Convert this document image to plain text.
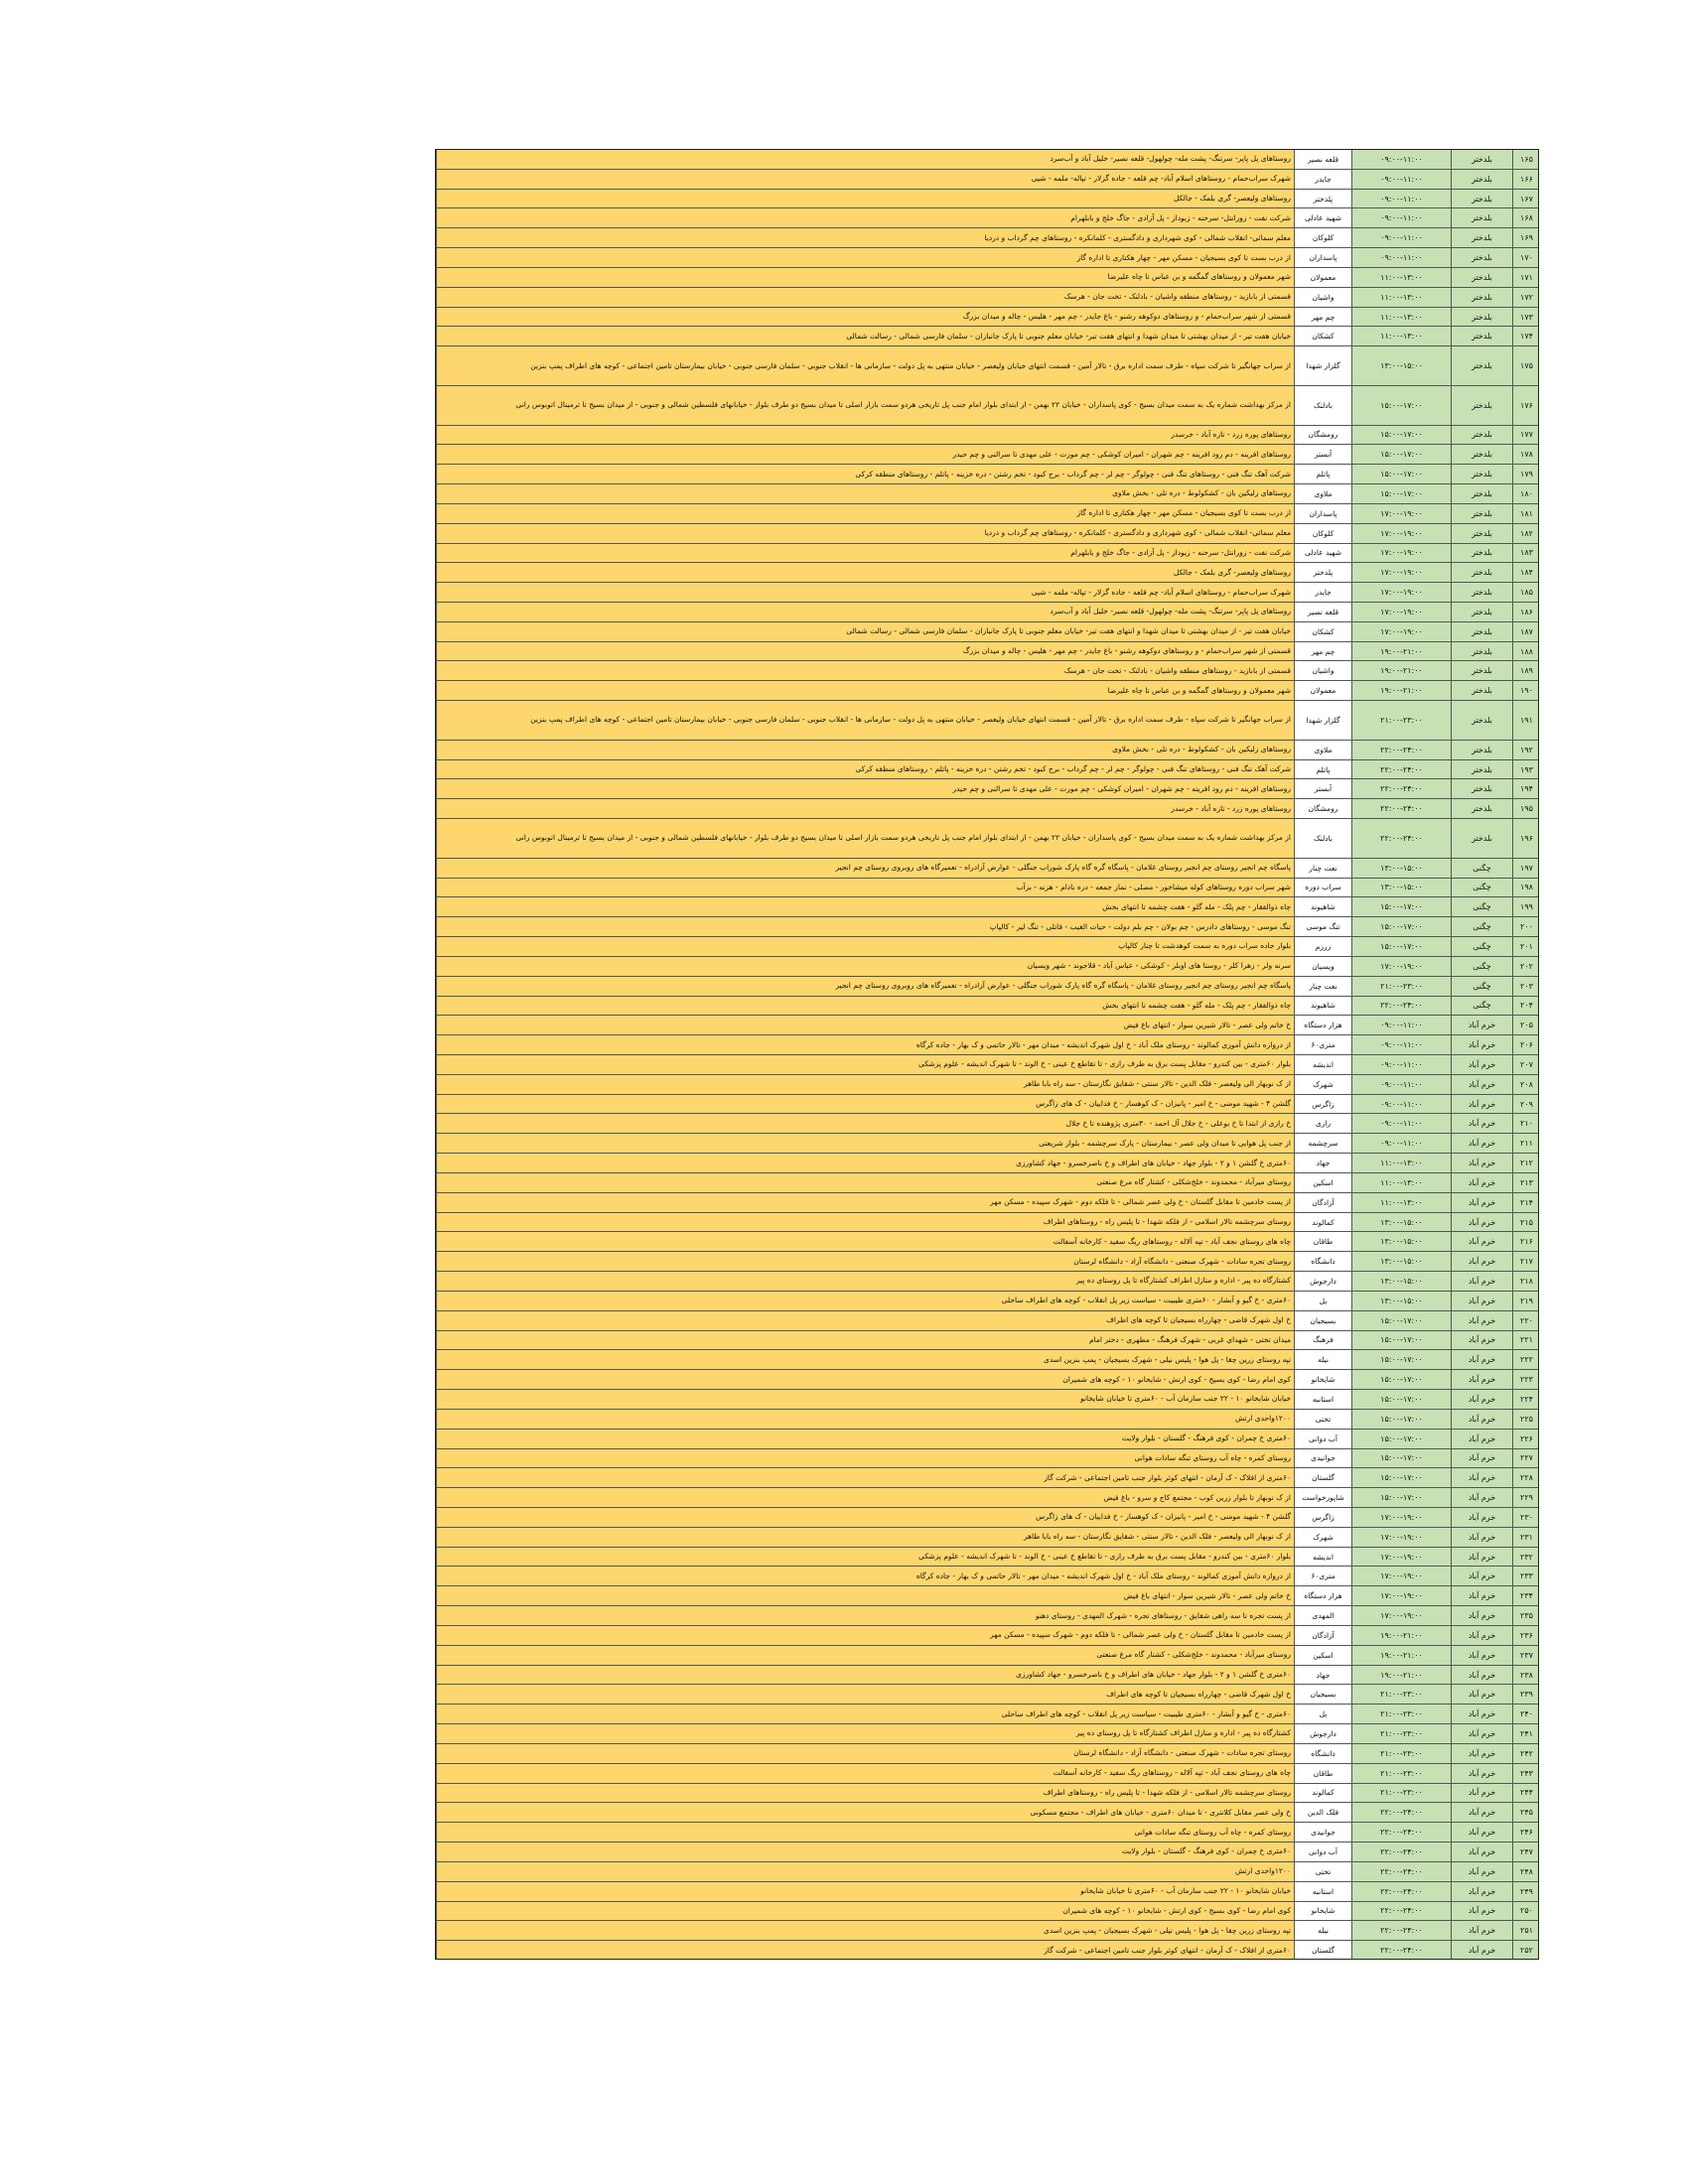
۱۶۵
بلدختر
۰۹:۰۰-۱۱:۰۰
قلعه نصیر
روستاهای پل پاپر- سرتنگ- پشت مله- چولهول- قلعه نصیر- خلیل آباد و آب‌سرد
۱۶۶
بلدختر
۰۹:۰۰-۱۱:۰۰
جایدر
شهرک سراب‌حمام - روستاهای اسلام آباد- چم قلعه - جاده گزلار - تپاله- ملمه - شیی
۱۶۷
بلدختر
۰۹:۰۰-۱۱:۰۰
پلدختر
روستاهای ولیعصر- گری بلمک - جالکل
۱۶۸
بلدختر
۰۹:۰۰-۱۱:۰۰
شهید عادلی
شرکت نفت - زورانتل- سرحنه - زیوداز - پل آزادی - جاگ خلج و بابلهرام
۱۶۹
بلدختر
۰۹:۰۰-۱۱:۰۰
کلوکان
معلم سمائی- انقلاب شمالی - کوی شهرداری و دادگستری - کلمانکره - روستاهای چم گرداب و دردیا
۱۷۰
بلدختر
۰۹:۰۰-۱۱:۰۰
پاسداران
از درب بست تا کوی بسیجیان - مسکن مهر - چهار هکتاری تا اداره گاز
۱۷۱
بلدختر
۱۱:۰۰-۱۳:۰۰
معمولان
شهر معمولان و روستاهای گمگمه و بن عباس تا چاه علیرضا
۱۷۲
بلدختر
۱۱:۰۰-۱۳:۰۰
واشیان
قسمتی از بابازید - روستاهای منطقه واشیان - بادلنک - تخت جان - هرسک
۱۷۳
بلدختر
۱۱:۰۰-۱۳:۰۰
چم مهر
قسمتی از شهر سراب‌حمام - و روستاهای دوکوهه رشنو - باغ جایدر - چم مهر - هلیس - چاله و میدان بزرگ
۱۷۴
بلدختر
۱۱:۰۰-۱۳:۰۰
کشکان
خیابان هفت تیر - از میدان بهشتی تا میدان شهدا و انتهای هفت تیر- خیابان معلم جنوبی تا پارک جانبازان - سلمان فارسی شمالی - رسالت شمالی
۱۷۵
بلدختر
۱۳:۰۰-۱۵:۰۰
گلزار شهدا
از سراب جهانگیر تا شرکت سپاه - طرف سمت اداره برق - تالار آمین - قسمت انتهای خیابان ولیعصر - خیابان منتهی به پل دولت - سازمانی ها - انقلاب جنوبی - سلمان فارسی جنوبی - خیابان بیمارستان تامین اجتماعی - کوچه های اطراف پمپ بنزین
۱۷۶
بلدختر
۱۵:۰۰-۱۷:۰۰
بادلنک
از مرکز بهداشت شماره یک به سمت میدان بسیج - کوی پاسداران - خیابان ۲۲ بهمن - از ابتدای بلوار امام جنب پل تاریخی هردو سمت بازار اصلی تا میدان بسیج دو طرف بلوار - خیابانهای فلسطین شمالی و جنوبی - از میدان بسیج تا ترمینال اتوبوس رانی
۱۷۷
بلدختر
۱۵:۰۰-۱۷:۰۰
رومشگان
روستاهای پوره زرد - تازه آباد - خرسدر
۱۷۸
بلدختر
۱۵:۰۰-۱۷:۰۰
آبستر
روستاهای افرینه - دم رود افرینه - چم شهران - امیران کوشکی - چم مورت - علی مهدی تا سرالنی و چم حیدر
۱۷۹
بلدختر
۱۵:۰۰-۱۷:۰۰
پاتلم
شرکت آهک تنگ فنی - روستاهای تنگ فنی - چولوگر - چم لر - چم گرداب - برج کبود - تخم رشتن - دره خزینه - پاتلم - روستاهای منطقه کرکی
۱۸۰
بلدختر
۱۵:۰۰-۱۷:۰۰
ملاوی
روستاهای زلیکین بان - کشکولوط - دره تلی - بخش ملاوی
۱۸۱
بلدختر
۱۷:۰۰-۱۹:۰۰
پاسداران
از درب بست تا کوی بسیجیان - مسکن مهر - چهار هکتاری تا اداره گاز
۱۸۲
بلدختر
۱۷:۰۰-۱۹:۰۰
کلوکان
معلم سمائی- انقلاب شمالی - کوی شهرداری و دادگستری - کلمانکره - روستاهای چم گرداب و دردیا
۱۸۳
بلدختر
۱۷:۰۰-۱۹:۰۰
شهید عادلی
شرکت نفت - زورانتل- سرحنه - زیوداز - پل آزادی - جاگ خلج و بابلهرام
۱۸۴
بلدختر
۱۷:۰۰-۱۹:۰۰
پلدختر
روستاهای ولیعصر- گری بلمک - جالکل
۱۸۵
بلدختر
۱۷:۰۰-۱۹:۰۰
جایدر
شهرک سراب‌حمام - روستاهای اسلام آباد- چم قلعه - جاده گزلار - تپاله- ملمه - شیی
۱۸۶
بلدختر
۱۷:۰۰-۱۹:۰۰
قلعه نصیر
روستاهای پل پاپر- سرتنگ- پشت مله- چولهول- قلعه نصیر- خلیل آباد و آب‌سرد
۱۸۷
بلدختر
۱۷:۰۰-۱۹:۰۰
کشکان
خیابان هفت تیر - از میدان بهشتی تا میدان شهدا و انتهای هفت تیر- خیابان معلم جنوبی تا پارک جانبازان - سلمان فارسی شمالی - رسالت شمالی
۱۸۸
بلدختر
۱۹:۰۰-۲۱:۰۰
چم مهر
قسمتی از شهر سراب‌حمام - و روستاهای دوکوهه رشنو - باغ جایدر - چم مهر - هلیس - چاله و میدان بزرگ
۱۸۹
بلدختر
۱۹:۰۰-۲۱:۰۰
واشیان
قسمتی از بابازید - روستاهای منطقه واشیان - بادلنک - تخت جان - هرسک
۱۹۰
بلدختر
۱۹:۰۰-۲۱:۰۰
معمولان
شهر معمولان و روستاهای گمگمه و بن عباس تا چاه علیرضا
۱۹۱
بلدختر
۲۱:۰۰-۲۳:۰۰
گلزار شهدا
از سراب جهانگیر تا شرکت سپاه - طرف سمت اداره برق - تالار آمین - قسمت انتهای خیابان ولیعصر - خیابان منتهی به پل دولت - سازمانی ها - انقلاب جنوبی - سلمان فارسی جنوبی - خیابان بیمارستان تامین اجتماعی - کوچه های اطراف پمپ بنزین
۱۹۲
بلدختر
۲۲:۰۰-۲۴:۰۰
ملاوی
روستاهای زلیکین بان - کشکولوط - دره تلی - بخش ملاوی
۱۹۳
بلدختر
۲۲:۰۰-۲۴:۰۰
پاتلم
شرکت آهک تنگ فنی - روستاهای تنگ فنی - چولوگر - چم لر - چم گرداب - برج کبود - تخم رشتن - دره خزینه - پاتلم - روستاهای منطقه کرکی
۱۹۴
بلدختر
۲۲:۰۰-۲۴:۰۰
آبستر
روستاهای افرینه - دم رود افرینه - چم شهران - امیران کوشکی - چم مورت - علی مهدی تا سرالنی و چم حیدر
۱۹۵
بلدختر
۲۲:۰۰-۲۴:۰۰
رومشگان
روستاهای پوره زرد - تازه آباد - خرسدر
۱۹۶
بلدختر
۲۲:۰۰-۲۴:۰۰
بادلنک
از مرکز بهداشت شماره یک به سمت میدان بسیج - کوی پاسداران - خیابان ۲۲ بهمن - از ابتدای بلوار امام جنب پل تاریخی هردو سمت بازار اصلی تا میدان بسیج دو طرف بلوار - خیابانهای فلسطین شمالی و جنوبی - از میدان بسیج تا ترمینال اتوبوس رانی
۱۹۷
چگنی
۱۳:۰۰-۱۵:۰۰
نعت چنار
پاسگاه چم انجیر روستای چم انجیر روستای غلامان - پاسگاه گره گاه پارک شوراب جنگلی - عوارض آزادراه - تعمیرگاه های روبروی روستای چم انجیر
۱۹۸
چگنی
۱۳:۰۰-۱۵:۰۰
سراب دوره
شهر سراب دوره روستاهای کوله میشاخور - مصلی - نماز جمعه - دره بادام - هزنه - بزآب
۱۹۹
چگنی
۱۵:۰۰-۱۷:۰۰
شاهیوند
چاه ذوالفقار - چم پلک - مله گلو - هفت چشمه تا انتهای بخش
۲۰۰
چگنی
۱۵:۰۰-۱۷:۰۰
تنگ موسی
تنگ موسی - روستاهای دادرس - چم بولان - چم بلم دولت - حیات الغیب - قاتلی - تنگ لیر - کالپاپ
۲۰۱
چگنی
۱۵:۰۰-۱۷:۰۰
زرزم
بلوار جاده سراب دوره به سمت کوهدشت تا چنار کالپاپ
۲۰۲
چگنی
۱۷:۰۰-۱۹:۰۰
ویسیان
سرنه ولر - زهرا کلر - روستا های اوبلر - کوشکی - عباس آباد - قلاجوند - شهر ویسیان
۲۰۳
چگنی
۲۱:۰۰-۲۳:۰۰
نعت چنار
پاسگاه چم انجیر روستای چم انجیر روستای غلامان - پاسگاه گره گاه پارک شوراب جنگلی - عوارض آزادراه - تعمیرگاه های روبروی روستای چم انجیر
۲۰۴
چگنی
۲۲:۰۰-۲۴:۰۰
شاهیوند
چاه ذوالفقار - چم پلک - مله گلو - هفت چشمه تا انتهای بخش
۲۰۵
خرم آباد
۰۹:۰۰-۱۱:۰۰
هزار دستگاه
خ خاتم ولی عصر - تالار شیرین سوار - انتهای باغ فیض
۲۰۶
خرم آباد
۰۹:۰۰-۱۱:۰۰
۶۰متری
از دروازه دانش آموزی کمالوند - روستای ملک آباد - خ اول شهرک اندیشه - میدان مهر - تالار حاتمی و ک بهار - جاده کرگاه
۲۰۷
خرم آباد
۰۹:۰۰-۱۱:۰۰
اندیشه
بلوار ۶۰متری - بین کندرو - مقابل پست برق به طرف رازی - تا تقاطع خ عینی - خ الوند - تا شهرک اندیشه - علوم پزشکی
۲۰۸
خرم آباد
۰۹:۰۰-۱۱:۰۰
شهرک
از ک نوبهار الی ولیعصر - فلک الدین - تالار سنتی - شقایق نگارستان - سه راه بابا طاهر
۲۰۹
خرم آباد
۰۹:۰۰-۱۱:۰۰
زاگرس
گلشن ۴ - شهید مومنی - خ امیر - پانیزان - ک کوهسار - خ فداییان - ک های زاگرس
۲۱۰
خرم آباد
۰۹:۰۰-۱۱:۰۰
رازی
خ رازی از ابتدا تا خ بوعلی - خ جلال آل احمد - ۳۰متری پژوهنده تا خ جلال
۲۱۱
خرم آباد
۰۹:۰۰-۱۱:۰۰
سرچشمه
از جنب پل هوایی تا میدان ولی عصر - بیمارستان - پارک سرچشمه - بلوار شریعتی
۲۱۲
خرم آباد
۱۱:۰۰-۱۳:۰۰
جهاد
۶۰متری خ گلشن ۱ و ۲ - بلوار جهاد - خیابان های اطراف و خ ناصرخسرو - جهاد کشاورزی
۲۱۳
خرم آباد
۱۱:۰۰-۱۳:۰۰
اسکین
روستای میرآباد - محمدوند - خلج‌شکلی - کشتار گاه مرغ صنعتی
۲۱۴
خرم آباد
۱۱:۰۰-۱۳:۰۰
آزادگان
از پست خادمین تا مقابل گلستان - خ ولی عصر شمالی - تا فلکه دوم - شهرک سپیده - مسکن مهر
۲۱۵
خرم آباد
۱۳:۰۰-۱۵:۰۰
کمالوند
روستای سرچشمه تالار اسلامی - از فلکه شهدا - تا پلیس راه - روستاهای اطراف
۲۱۶
خرم آباد
۱۳:۰۰-۱۵:۰۰
طاقان
چاه های روستای نجف آباد - تپه آلاله - روستاهای ریگ سفید - کارخانه آسفالت
۲۱۷
خرم آباد
۱۳:۰۰-۱۵:۰۰
دانشگاه
روستای تجره سادات - شهرک صنعتی - دانشگاه آزاد - دانشگاه لرستان
۲۱۸
خرم آباد
۱۳:۰۰-۱۵:۰۰
دارجوش
کشتارگاه ده پیر - اداره و منازل اطراف کشتارگاه تا پل روستای ده پیر
۲۱۹
خرم آباد
۱۳:۰۰-۱۵:۰۰
بل
۶۰متری - خ گیو و آبشار - ۶۰متری طیبیت - سیاست زیر پل انقلاب - کوچه های اطراف ساحلی
۲۲۰
خرم آباد
۱۵:۰۰-۱۷:۰۰
بسیجیان
خ اول شهرک قاضی - چهارراه بسیجیان تا کوچه های اطراف
۲۲۱
خرم آباد
۱۵:۰۰-۱۷:۰۰
فرهنگ
میدان تختی - شهدای غربی - شهرک فرهنگ - مطهری - دختر امام
۲۲۲
خرم آباد
۱۵:۰۰-۱۷:۰۰
نیله
تپه روستای زرین چقا - پل هوا - پلیس نیلی - شهرک بسیجیان - پمپ بنزین اسدی
۲۲۳
خرم آباد
۱۵:۰۰-۱۷:۰۰
شایخانو
کوی امام رضا - کوی بسیج - کوی ارتش - شایخانو ۱۰ - کوچه های شمیران
۲۲۴
خرم آباد
۱۵:۰۰-۱۷:۰۰
استانبه
خیابان شایخانو ۱۰ - ۲۲ جنب سازمان آب - ۶۰متری تا خیابان شایخانو
۲۲۵
خرم آباد
۱۵:۰۰-۱۷:۰۰
تختی
۱۲۰۰واحدی ارتش
۲۲۶
خرم آباد
۱۵:۰۰-۱۷:۰۰
آب دوانی
۶۰متری خ چمران - کوی فرهنگ - گلستان - بلوار ولایت
۲۲۷
خرم آباد
۱۵:۰۰-۱۷:۰۰
جوانیدی
روستای کمره - چاه آب روستای تنگه سادات هوانی
۲۲۸
خرم آباد
۱۵:۰۰-۱۷:۰۰
گلستان
۶۰متری از افلاک - ک آرمان - انتهای کوثر بلوار جنب تامین اجتماعی - شرکت گاز
۲۲۹
خرم آباد
۱۵:۰۰-۱۷:۰۰
شاپورخواست
از ک نوبهار تا بلوار زرین کوب - مجتمع کاج و سرو - باغ فیض
۲۳۰
خرم آباد
۱۷:۰۰-۱۹:۰۰
زاگرس
گلشن ۴ - شهید مومنی - خ امیر - پانیزان - ک کوهسار - خ فداییان - ک های زاگرس
۲۳۱
خرم آباد
۱۷:۰۰-۱۹:۰۰
شهرک
از ک نوبهار الی ولیعصر - فلک الدین - تالار سنتی - شقایق نگارستان - سه راه بابا طاهر
۲۳۲
خرم آباد
۱۷:۰۰-۱۹:۰۰
اندیشه
بلوار ۶۰متری - بین کندرو - مقابل پست برق به طرف رازی - تا تقاطع خ عینی - خ الوند - تا شهرک اندیشه - علوم پزشکی
۲۳۳
خرم آباد
۱۷:۰۰-۱۹:۰۰
۶۰متری
از دروازه دانش آموزی کمالوند - روستای ملک آباد - خ اول شهرک اندیشه - میدان مهر - تالار حاتمی و ک بهار - جاده کرگاه
۲۳۴
خرم آباد
۱۷:۰۰-۱۹:۰۰
هزار دستگاه
خ خاتم ولی عصر - تالار شیرین سوار - انتهای باغ فیض
۲۳۵
خرم آباد
۱۷:۰۰-۱۹:۰۰
المهدی
از پست تجره تا سه راهی شقایق - روستاهای تجره - شهرک المهدی - روستای دهنو
۲۳۶
خرم آباد
۱۹:۰۰-۲۱:۰۰
آزادگان
از پست خادمین تا مقابل گلستان - خ ولی عصر شمالی - تا فلکه دوم - شهرک سپیده - مسکن مهر
۲۳۷
خرم آباد
۱۹:۰۰-۲۱:۰۰
اسکین
روستای میرآباد - محمدوند - خلج‌شکلی - کشتار گاه مرغ صنعتی
۲۳۸
خرم آباد
۱۹:۰۰-۲۱:۰۰
جهاد
۶۰متری خ گلشن ۱ و ۲ - بلوار جهاد - خیابان های اطراف و خ ناصرخسرو - جهاد کشاورزی
۲۳۹
خرم آباد
۲۱:۰۰-۲۳:۰۰
بسیجیان
خ اول شهرک قاضی - چهارراه بسیجیان تا کوچه های اطراف
۲۴۰
خرم آباد
۲۱:۰۰-۲۳:۰۰
بل
۶۰متری - خ گیو و آبشار - ۶۰متری طیبیت - سیاست زیر پل انقلاب - کوچه های اطراف ساحلی
۲۴۱
خرم آباد
۲۱:۰۰-۲۳:۰۰
دارجوش
کشتارگاه ده پیر - اداره و منازل اطراف کشتارگاه تا پل روستای ده پیر
۲۴۲
خرم آباد
۲۱:۰۰-۲۳:۰۰
دانشگاه
روستای تجره سادات - شهرک صنعتی - دانشگاه آزاد - دانشگاه لرستان
۲۴۳
خرم آباد
۲۱:۰۰-۲۳:۰۰
طاقان
چاه های روستای نجف آباد - تپه آلاله - روستاهای ریگ سفید - کارخانه آسفالت
۲۴۴
خرم آباد
۲۱:۰۰-۲۳:۰۰
کمالوند
روستای سرچشمه تالار اسلامی - از فلکه شهدا - تا پلیس راه - روستاهای اطراف
۲۴۵
خرم آباد
۲۲:۰۰-۲۴:۰۰
فلک الدین
خ ولی عصر مقابل کلانتری - تا میدان ۶۰متری - خیابان های اطراف - مجتمع مسکونی
۲۴۶
خرم آباد
۲۲:۰۰-۲۴:۰۰
جوانیدی
روستای کمره - چاه آب روستای تنگه سادات هوانی
۲۴۷
خرم آباد
۲۲:۰۰-۲۴:۰۰
آب دوانی
۶۰متری خ چمران - کوی فرهنگ - گلستان - بلوار ولایت
۲۴۸
خرم آباد
۲۲:۰۰-۲۴:۰۰
تختی
۱۲۰۰واحدی ارتش
۲۴۹
خرم آباد
۲۲:۰۰-۲۴:۰۰
استانبه
خیابان شایخانو ۱۰ - ۲۲ جنب سازمان آب - ۶۰متری تا خیابان شایخانو
۲۵۰
خرم آباد
۲۲:۰۰-۲۴:۰۰
شایخانو
کوی امام رضا - کوی بسیج - کوی ارتش - شایخانو ۱۰ - کوچه های شمیران
۲۵۱
خرم آباد
۲۲:۰۰-۲۴:۰۰
نیله
تپه روستای زرین چقا - پل هوا - پلیس نیلی - شهرک بسیجیان - پمپ بنزین اسدی
۲۵۲
خرم آباد
۲۲:۰۰-۲۴:۰۰
گلستان
۶۰متری از افلاک - ک آرمان - انتهای کوثر بلوار جنب تامین اجتماعی - شرکت گاز
